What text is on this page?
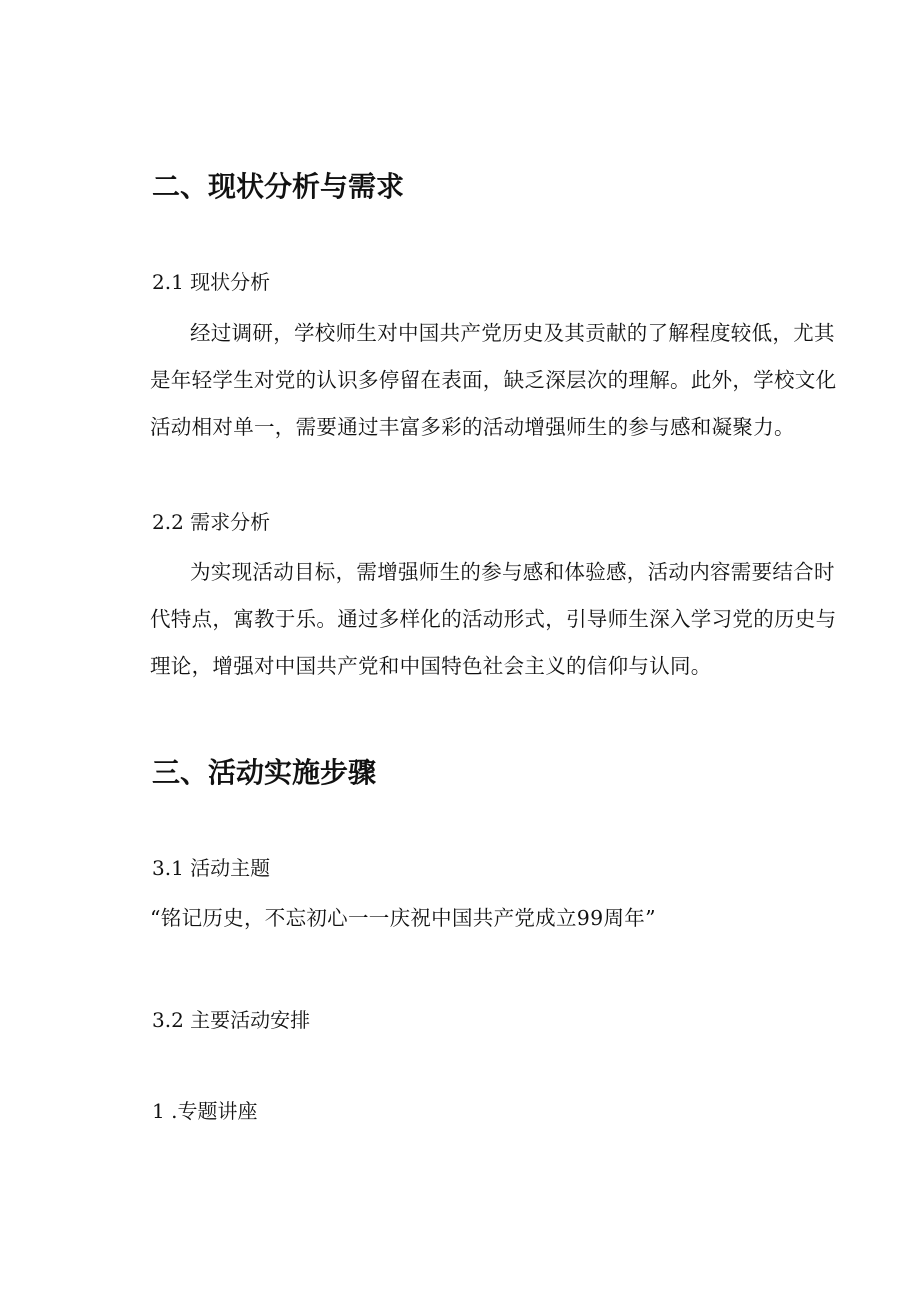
二、现状分析与需求
2.1 现状分析
经过调研，学校师生对中国共产党历史及其贡献的了解程度较低，尤其
是年轻学生对党的认识多停留在表面，缺乏深层次的理解。此外，学校文化
活动相对单一，需要通过丰富多彩的活动增强师生的参与感和凝聚力。
2.2 需求分析
为实现活动目标，需增强师生的参与感和体验感，活动内容需要结合时
代特点，寓教于乐。通过多样化的活动形式，引导师生深入学习党的历史与
理论，增强对中国共产党和中国特色社会主义的信仰与认同。
三、活动实施步骤
3.1 活动主题
“铭记历史，不忘初心一一庆祝中国共产党成立99周年”
3.2 主要活动安排
1 .专题讲座
